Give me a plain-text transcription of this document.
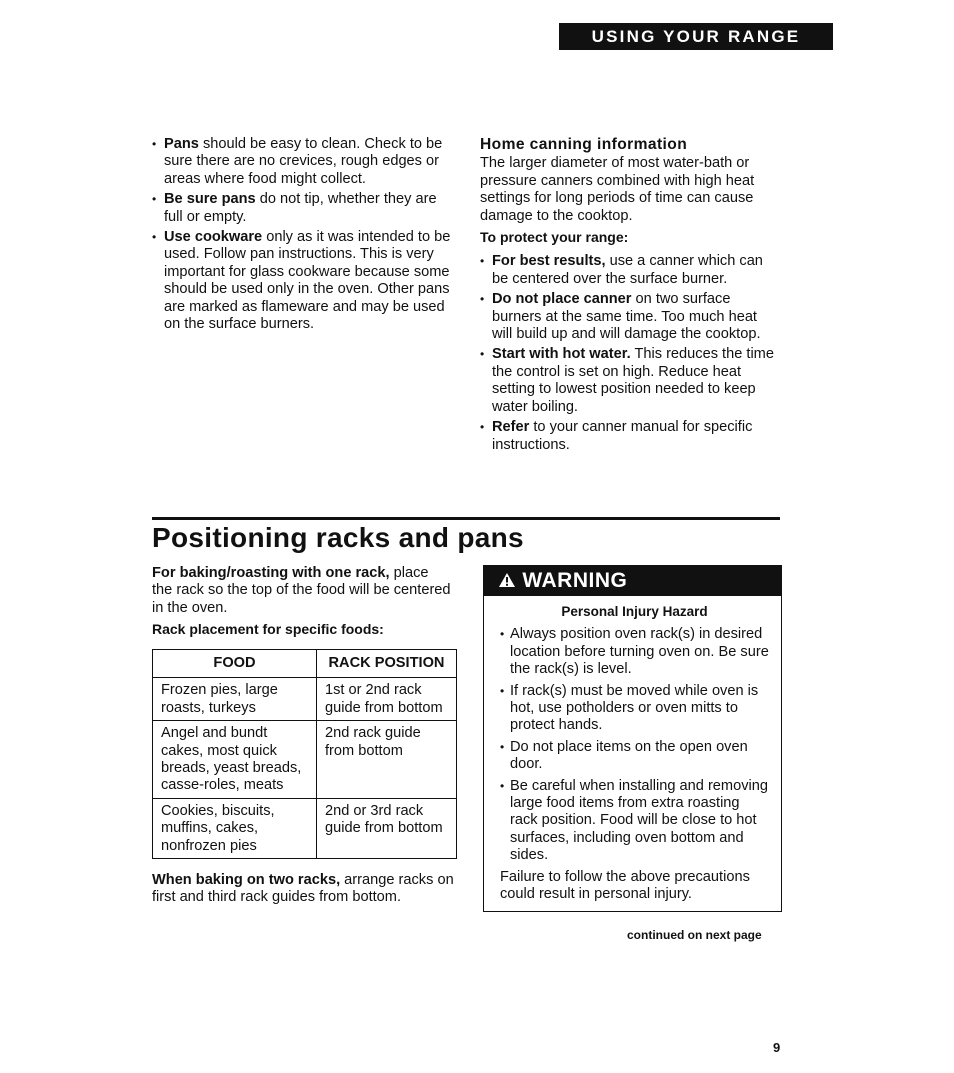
USING YOUR RANGE
• Pans should be easy to clean. Check to be sure there are no crevices, rough edges or areas where food might collect.
• Be sure pans do not tip, whether they are full or empty.
• Use cookware only as it was intended to be used. Follow pan instructions. This is very important for glass cookware because some should be used only in the oven. Other pans are marked as flameware and may be used on the surface burners.
Home canning information
The larger diameter of most water-bath or pressure canners combined with high heat settings for long periods of time can cause damage to the cooktop.
To protect your range:
• For best results, use a canner which can be centered over the surface burner.
• Do not place canner on two surface burners at the same time. Too much heat will build up and will damage the cooktop.
• Start with hot water. This reduces the time the control is set on high. Reduce heat setting to lowest position needed to keep water boiling.
• Refer to your canner manual for specific instructions.
Positioning racks and pans
For baking/roasting with one rack, place the rack so the top of the food will be centered in the oven.
Rack placement for specific foods:
FOOD	RACK POSITION
Frozen pies, large roasts, turkeys	1st or 2nd rack guide from bottom
Angel and bundt cakes, most quick breads, yeast breads, casse-roles, meats	2nd rack guide from bottom
Cookies, biscuits, muffins, cakes, nonfrozen pies	2nd or 3rd rack guide from bottom
When baking on two racks, arrange racks on first and third rack guides from bottom.
WARNING
Personal Injury Hazard
• Always position oven rack(s) in desired location before turning oven on. Be sure the rack(s) is level.
• If rack(s) must be moved while oven is hot, use potholders or oven mitts to protect hands.
• Do not place items on the open oven door.
• Be careful when installing and removing large food items from extra roasting rack position. Food will be close to hot surfaces, including oven bottom and sides.
Failure to follow the above precautions could result in personal injury.
continued on next page
9
